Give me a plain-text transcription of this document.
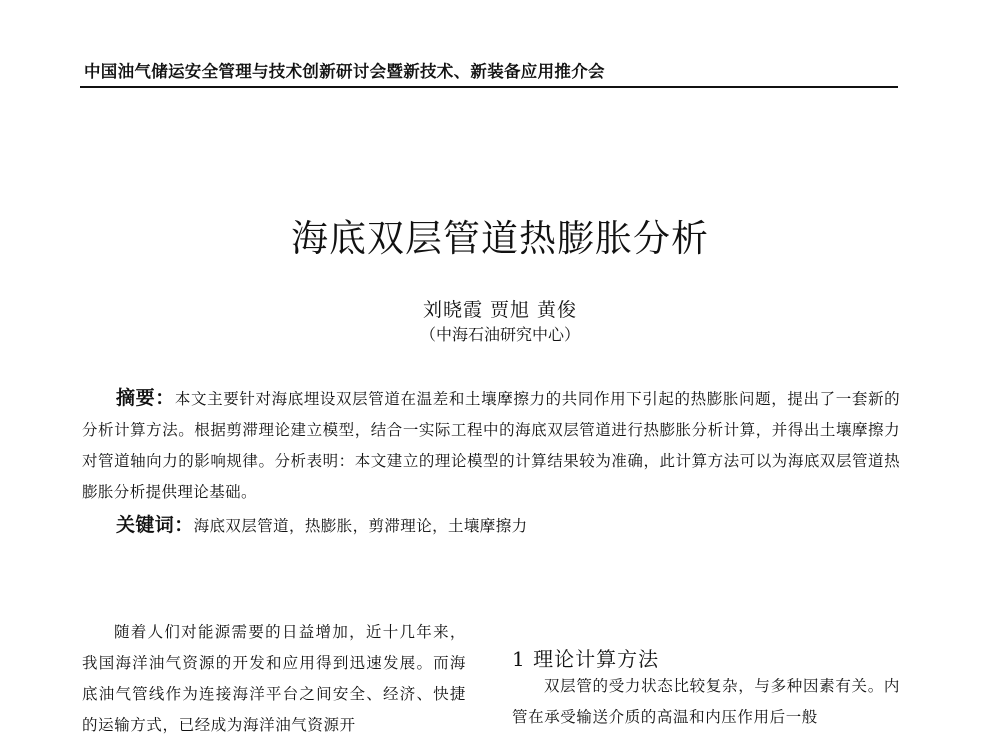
中国油气储运安全管理与技术创新研讨会暨新技术、新装备应用推介会
海底双层管道热膨胀分析
刘晓霞 贾旭 黄俊
（中海石油研究中心）
摘要：本文主要针对海底埋设双层管道在温差和土壤摩擦力的共同作用下引起的热膨胀问题，提出了一套新的分析计算方法。根据剪滞理论建立模型，结合一实际工程中的海底双层管道进行热膨胀分析计算，并得出土壤摩擦力对管道轴向力的影响规律。分析表明：本文建立的理论模型的计算结果较为准确，此计算方法可以为海底双层管道热膨胀分析提供理论基础。
关键词：海底双层管道，热膨胀，剪滞理论，土壤摩擦力
随着人们对能源需要的日益增加，近十几年来，我国海洋油气资源的开发和应用得到迅速发展。而海底油气管线作为连接海洋平台之间安全、经济、快捷的运输方式，已经成为海洋油气资源开
1 理论计算方法
双层管的受力状态比较复杂，与多种因素有关。内管在承受输送介质的高温和内压作用后一般
